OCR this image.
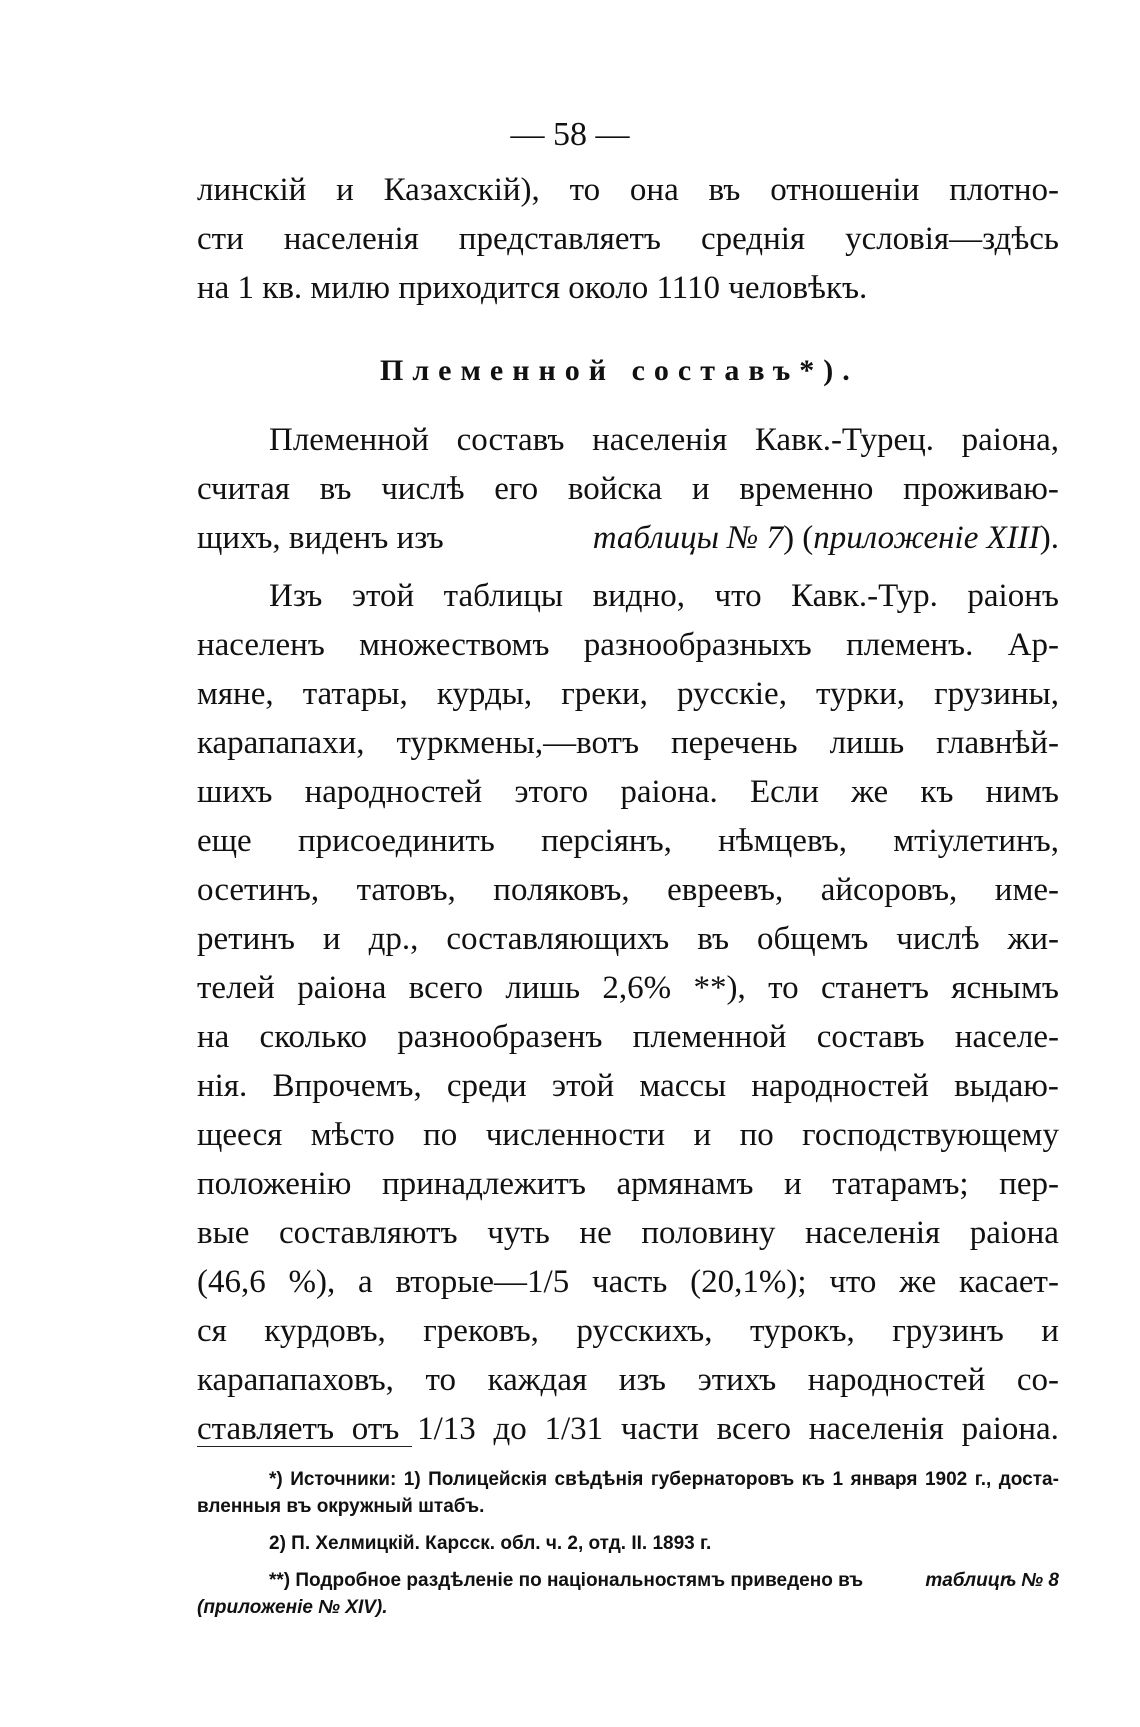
— 58 —
линскій и Казахскій), то она въ отношеніи плотно-
сти населенія представляетъ среднія условія—здѣсь
на 1 кв. милю приходится около 1110 человѣкъ.
Племенной составъ*).
Племенной составъ населенія Кавк.-Турец. раіона,
считая въ числѣ его войска и временно проживаю-
щихъ, виденъ изъ	таблицы № 7) (приложеніе XIII).
Изъ этой таблицы видно, что Кавк.-Тур. раіонъ
населенъ множествомъ разнообразныхъ племенъ. Ар-
мяне, татары, курды, греки, русскіе, турки, грузины,
карапапахи, туркмены,—вотъ перечень лишь главнѣй-
шихъ народностей этого раіона. Если же къ нимъ
еще присоединить персіянъ, нѣмцевъ, мтіулетинъ,
осетинъ, татовъ, поляковъ, евреевъ, айсоровъ, име-
ретинъ и др., составляющихъ въ общемъ числѣ жи-
телей раіона всего лишь 2,6% **), то станетъ яснымъ
на сколько разнообразенъ племенной составъ населе-
нія. Впрочемъ, среди этой массы народностей выдаю-
щееся мѣсто по численности и по господствующему
положенію принадлежитъ армянамъ и татарамъ; пер-
вые составляютъ чуть не половину населенія раіона
(46,6 %), а вторые—1/5 часть (20,1%); что же касает-
ся курдовъ, грековъ, русскихъ, турокъ, грузинъ и
карапапаховъ, то каждая изъ этихъ народностей со-
ставляетъ отъ 1/13 до 1/31 части всего населенія раіона.
*) Источники: 1) Полицейскія свѣдѣнія губернаторовъ къ 1 января 1902 г., доста-
вленныя въ окружный штабъ.
2) П. Хелмицкій. Карсск. обл. ч. 2, отд. II. 1893 г.
**) Подробное раздѣленіе по національностямъ приведено въ	таблицѣ № 8
(приложеніе № XIV).
